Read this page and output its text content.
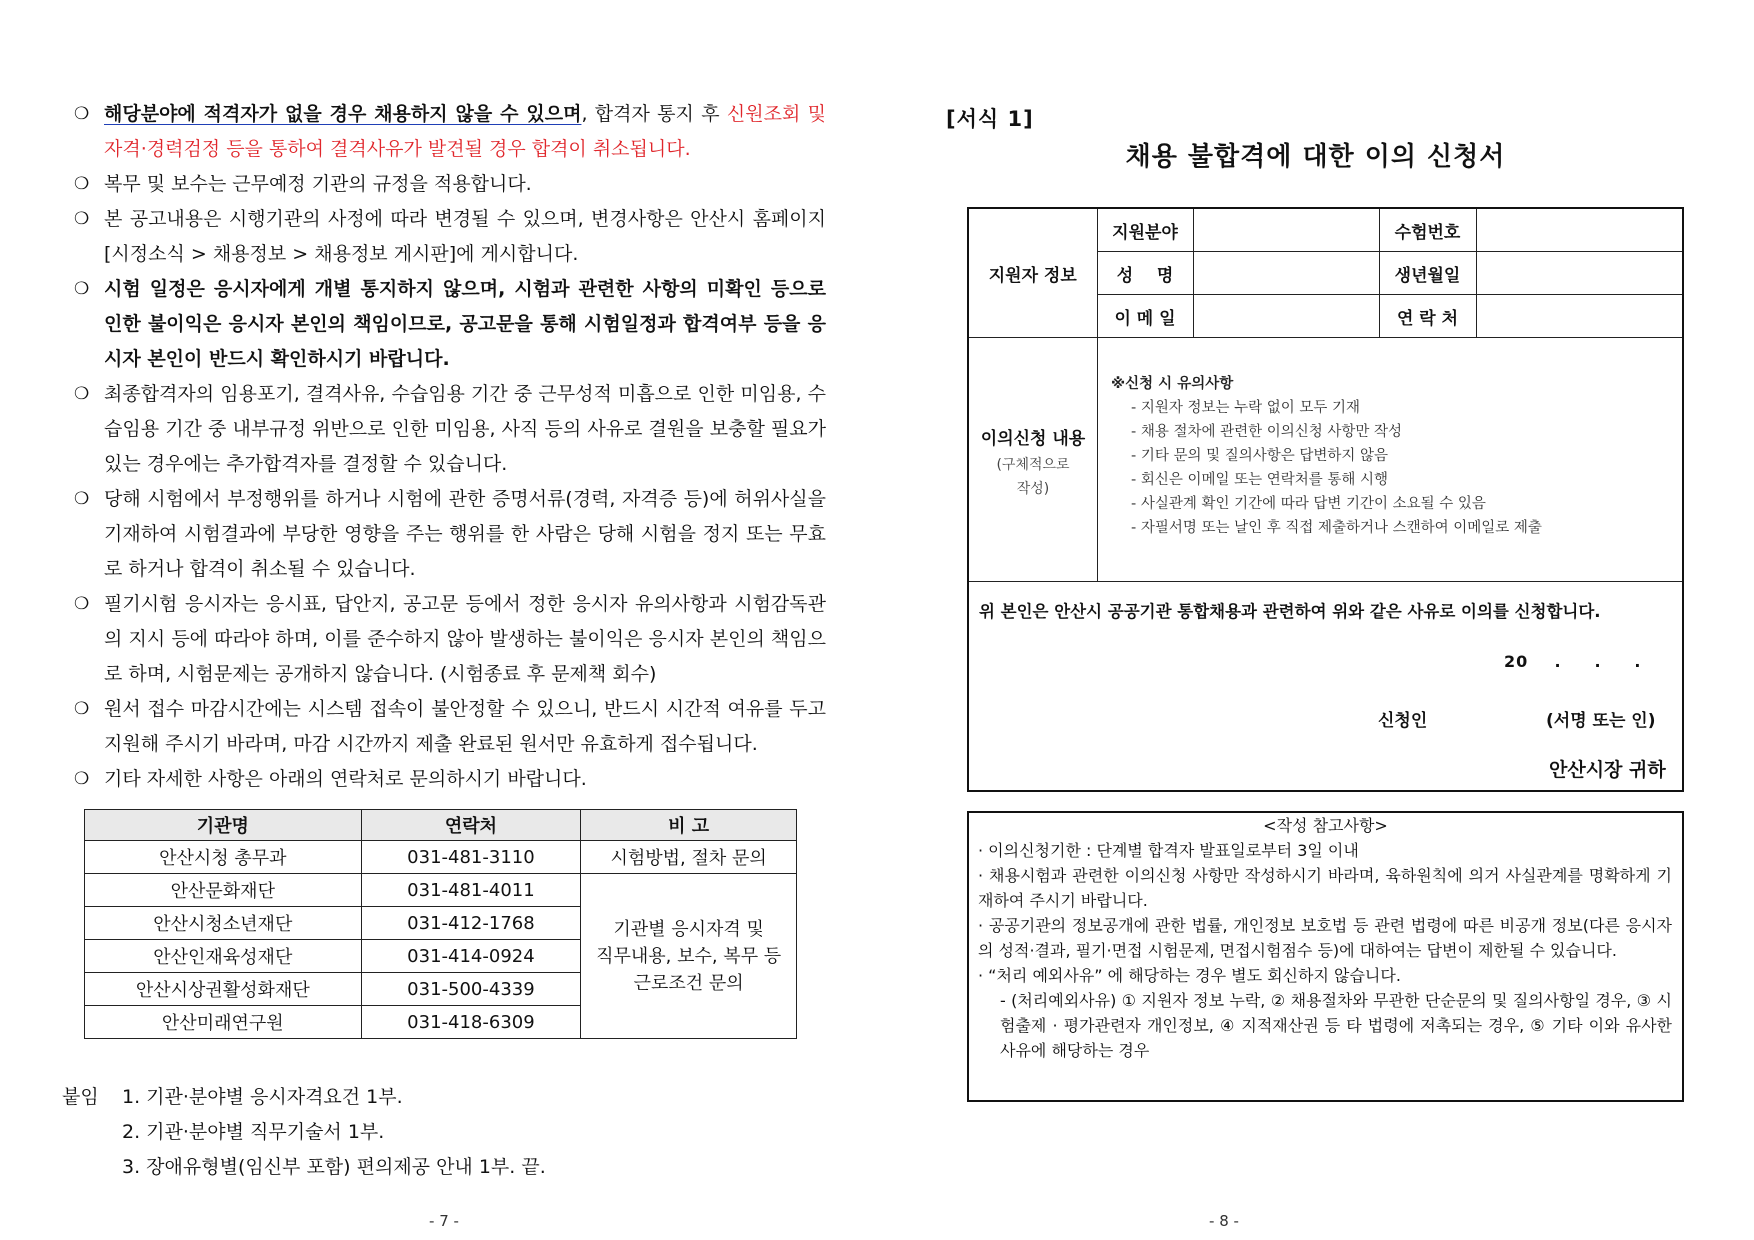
❍ 해당분야에 적격자가 없을 경우 채용하지 않을 수 있으며, 합격자 통지 후 신원조회 및 자격·경력검정 등을 통하여 결격사유가 발견될 경우 합격이 취소됩니다.
❍ 복무 및 보수는 근무예정 기관의 규정을 적용합니다.
❍ 본 공고내용은 시행기관의 사정에 따라 변경될 수 있으며, 변경사항은 안산시 홈페이지 [시정소식 > 채용정보 > 채용정보 게시판]에 게시합니다.
❍ 시험 일정은 응시자에게 개별 통지하지 않으며, 시험과 관련한 사항의 미확인 등으로 인한 불이익은 응시자 본인의 책임이므로, 공고문을 통해 시험일정과 합격여부 등을 응시자 본인이 반드시 확인하시기 바랍니다.
❍ 최종합격자의 임용포기, 결격사유, 수습임용 기간 중 근무성적 미흡으로 인한 미임용, 수습임용 기간 중 내부규정 위반으로 인한 미임용, 사직 등의 사유로 결원을 보충할 필요가 있는 경우에는 추가합격자를 결정할 수 있습니다.
❍ 당해 시험에서 부정행위를 하거나 시험에 관한 증명서류(경력, 자격증 등)에 허위사실을 기재하여 시험결과에 부당한 영향을 주는 행위를 한 사람은 당해 시험을 정지 또는 무효로 하거나 합격이 취소될 수 있습니다.
❍ 필기시험 응시자는 응시표, 답안지, 공고문 등에서 정한 응시자 유의사항과 시험감독관의 지시 등에 따라야 하며, 이를 준수하지 않아 발생하는 불이익은 응시자 본인의 책임으로 하며, 시험문제는 공개하지 않습니다. (시험종료 후 문제책 회수)
❍ 원서 접수 마감시간에는 시스템 접속이 불안정할 수 있으니, 반드시 시간적 여유를 두고 지원해 주시기 바라며, 마감 시간까지 제출 완료된 원서만 유효하게 접수됩니다.
❍ 기타 자세한 사항은 아래의 연락처로 문의하시기 바랍니다.
기관명	연락처	비 고
안산시청 총무과	031-481-3110	시험방법, 절차 문의
안산문화재단	031-481-4011	기관별 응시자격 및
직무내용, 보수, 복무 등
근로조건 문의

안산시청소년재단	031-412-1768	
안산인재육성재단	031-414-0924	
안산시상권활성화재단	031-500-4339	
안산미래연구원	031-418-6309	
붙임	1. 기관·분야별 응시자격요건 1부.
2. 기관·분야별 직무기술서 1부.
3. 장애유형별(임신부 포함) 편의제공 안내 1부. 끝.
- 7 -
[서식 1]
채용 불합격에 대한 이의 신청서
지원자 정보	지원분야		수험번호	
	성    명		생년월일	
	이 메 일		연 락 처	
이의신청 내용
(구체적으로
작성)
※신청 시 유의사항
- 지원자 정보는 누락 없이 모두 기재
- 채용 절차에 관련한 이의신청 사항만 작성
- 기타 문의 및 질의사항은 답변하지 않음
- 회신은 이메일 또는 연락처를 통해 시행
- 사실관계 확인 기간에 따라 답변 기간이 소요될 수 있음
- 자필서명 또는 날인 후 직접 제출하거나 스캔하여 이메일로 제출
위 본인은 안산시 공공기관 통합채용과 관련하여 위와 같은 사유로 이의를 신청합니다.
20    .     .     .
신청인	(서명 또는 인)
안산시장 귀하
<작성 참고사항>
· 이의신청기한 : 단계별 합격자 발표일로부터 3일 이내
· 채용시험과 관련한 이의신청 사항만 작성하시기 바라며, 육하원칙에 의거 사실관계를 명확하게 기재하여 주시기 바랍니다.
· 공공기관의 정보공개에 관한 법률, 개인정보 보호법 등 관련 법령에 따른 비공개 정보(다른 응시자의 성적·결과, 필기·면접 시험문제, 면접시험점수 등)에 대하여는 답변이 제한될 수 있습니다.
· “처리 예외사유” 에 해당하는 경우 별도 회신하지 않습니다.
- (처리예외사유) ① 지원자 정보 누락, ② 채용절차와 무관한 단순문의 및 질의사항일 경우, ③ 시험출제 · 평가관련자 개인정보, ④ 지적재산권 등 타 법령에 저촉되는 경우, ⑤ 기타 이와 유사한 사유에 해당하는 경우
- 8 -
